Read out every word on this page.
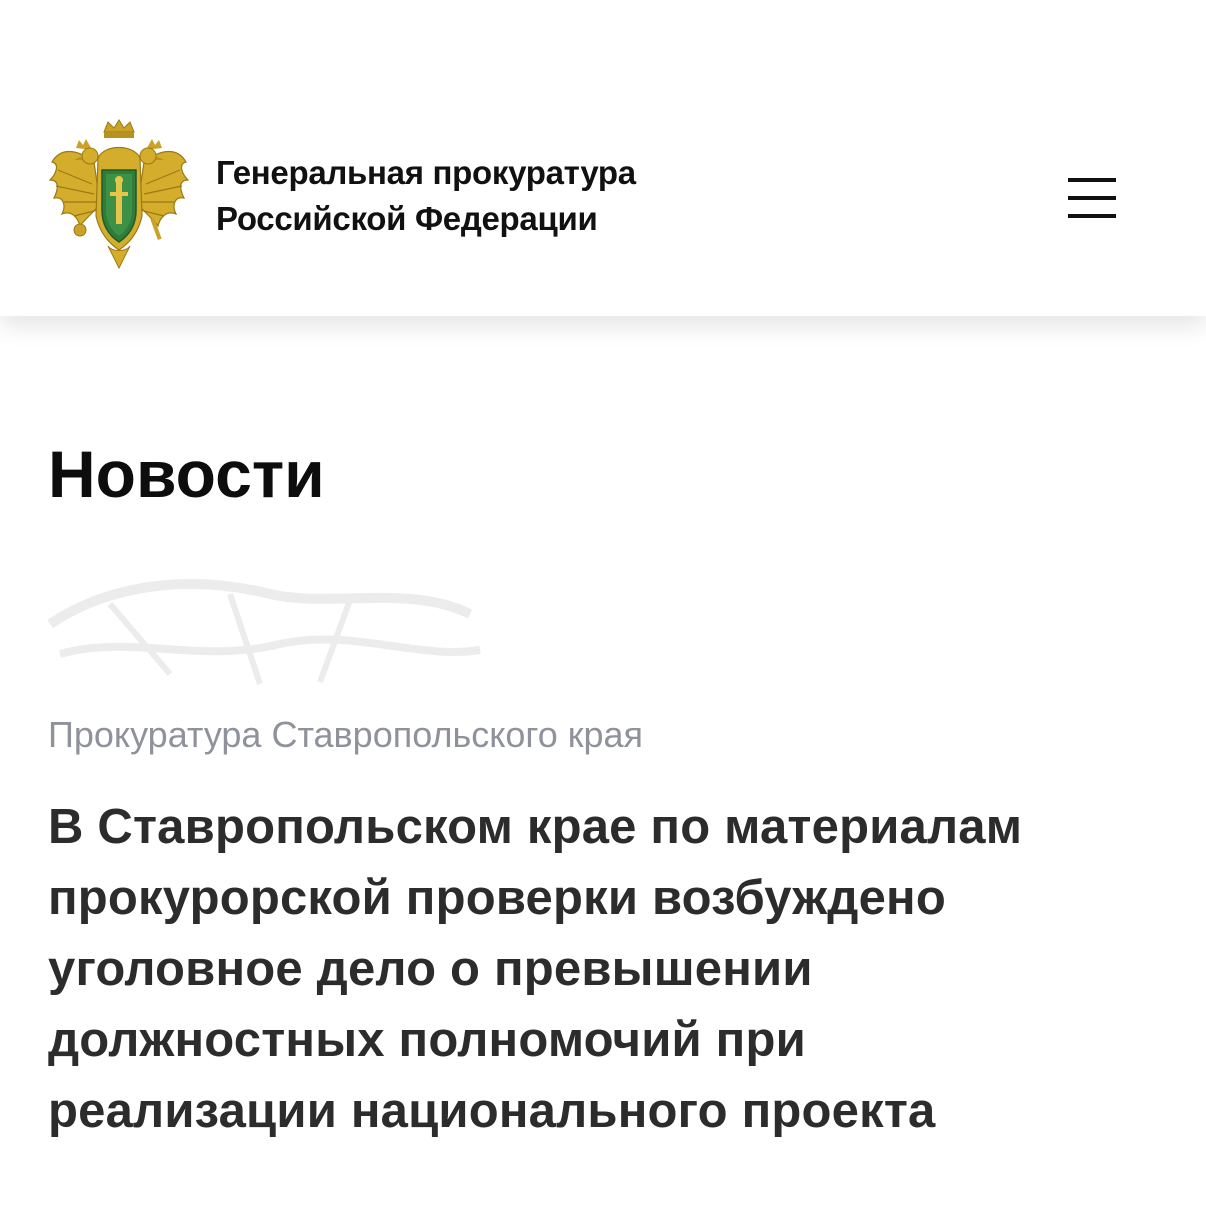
Генеральная прокуратура
Российской Федерации
Новости
Прокуратура Ставропольского края
В Ставропольском крае по материалам
прокурорской проверки возбуждено
уголовное дело о превышении
должностных полномочий при
реализации национального проекта
